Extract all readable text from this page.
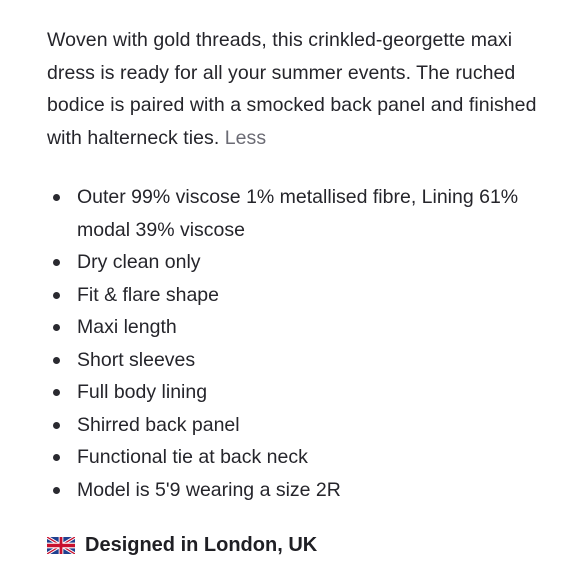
Woven with gold threads, this crinkled-georgette maxi dress is ready for all your summer events. The ruched bodice is paired with a smocked back panel and finished with halterneck ties. Less

Outer 99% viscose 1% metallised fibre, Lining 61% modal 39% viscose
Dry clean only
Fit & flare shape
Maxi length
Short sleeves
Full body lining
Shirred back panel
Functional tie at back neck
Model is 5'9 wearing a size 2R
Designed in London, UK
